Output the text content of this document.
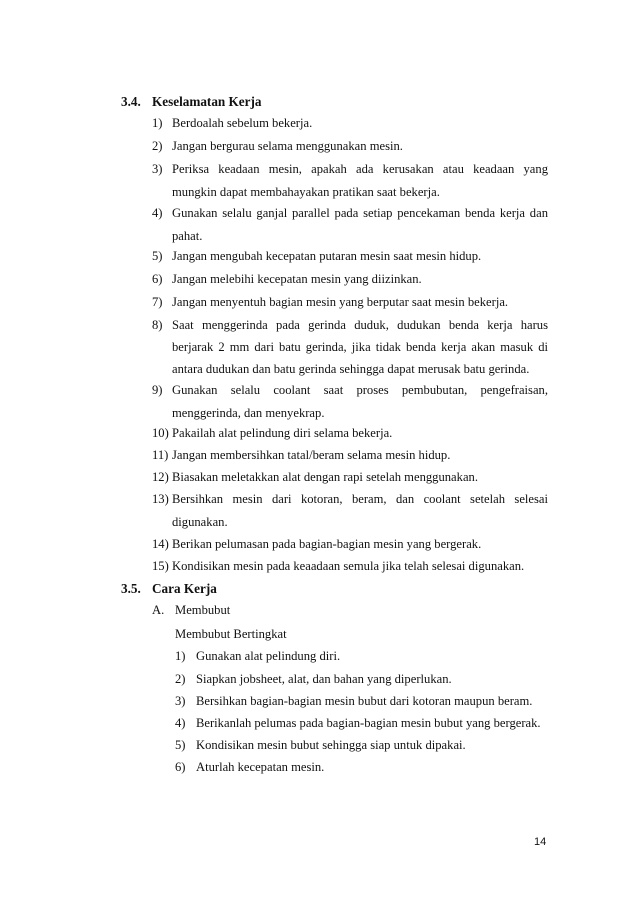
3.4. Keselamatan Kerja
1) Berdoalah sebelum bekerja.
2) Jangan bergurau selama menggunakan mesin.
3) Periksa keadaan mesin, apakah ada kerusakan atau keadaan yang
mungkin dapat membahayakan pratikan saat bekerja.
4) Gunakan selalu ganjal parallel pada setiap pencekaman benda kerja dan
pahat.
5) Jangan mengubah kecepatan putaran mesin saat mesin hidup.
6) Jangan melebihi kecepatan mesin yang diizinkan.
7) Jangan menyentuh bagian mesin yang berputar saat mesin bekerja.
8) Saat menggerinda pada gerinda duduk, dudukan benda kerja harus
berjarak 2 mm dari batu gerinda, jika tidak benda kerja akan masuk di
antara dudukan dan batu gerinda sehingga dapat merusak batu gerinda.
9) Gunakan selalu coolant saat proses pembubutan, pengefraisan,
menggerinda, dan menyekrap.
10) Pakailah alat pelindung diri selama bekerja.
11) Jangan membersihkan tatal/beram selama mesin hidup.
12) Biasakan meletakkan alat dengan rapi setelah menggunakan.
13) Bersihkan mesin dari kotoran, beram, dan coolant setelah selesai
digunakan.
14) Berikan pelumasan pada bagian-bagian mesin yang bergerak.
15) Kondisikan mesin pada keaadaan semula jika telah selesai digunakan.
3.5. Cara Kerja
A. Membubut
Membubut Bertingkat
1) Gunakan alat pelindung diri.
2) Siapkan jobsheet, alat, dan bahan yang diperlukan.
3) Bersihkan bagian-bagian mesin bubut dari kotoran maupun beram.
4) Berikanlah pelumas pada bagian-bagian mesin bubut yang bergerak.
5) Kondisikan mesin bubut sehingga siap untuk dipakai.
6) Aturlah kecepatan mesin.
14
